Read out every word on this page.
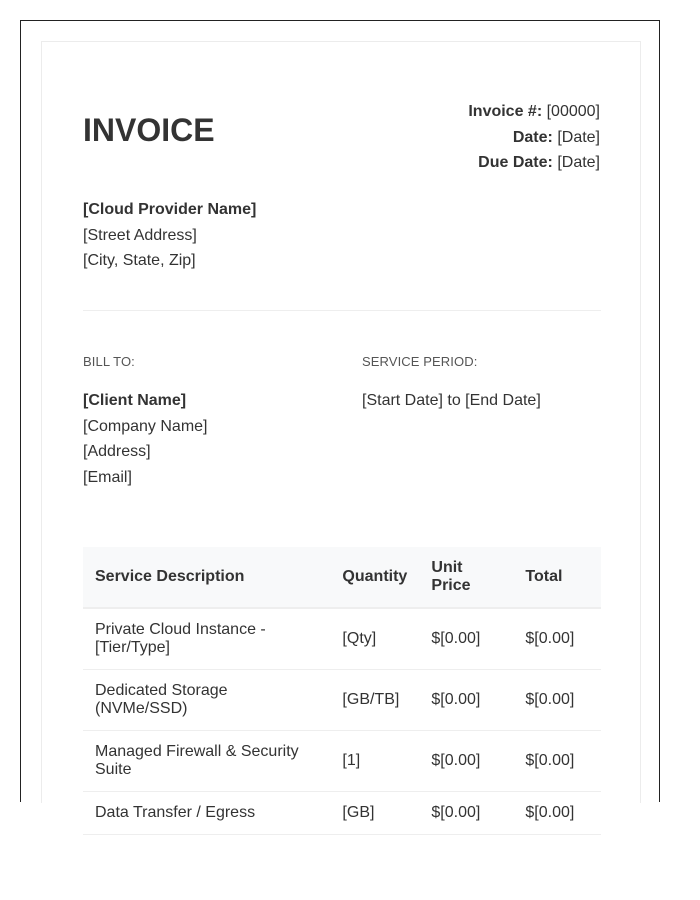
INVOICE
Invoice #: [00000]
Date: [Date]
Due Date: [Date]
[Cloud Provider Name]
[Street Address]
[City, State, Zip]
BILL TO:	SERVICE PERIOD:
[Client Name]
[Company Name]
[Address]
[Email]
[Start Date] to [End Date]
Service Description	Quantity	Unit Price	Total
Private Cloud Instance - [Tier/Type]	[Qty]	$[0.00]	$[0.00]
Dedicated Storage (NVMe/SSD)	[GB/TB]	$[0.00]	$[0.00]
Managed Firewall & Security Suite	[1]	$[0.00]	$[0.00]
Data Transfer / Egress	[GB]	$[0.00]	$[0.00]
